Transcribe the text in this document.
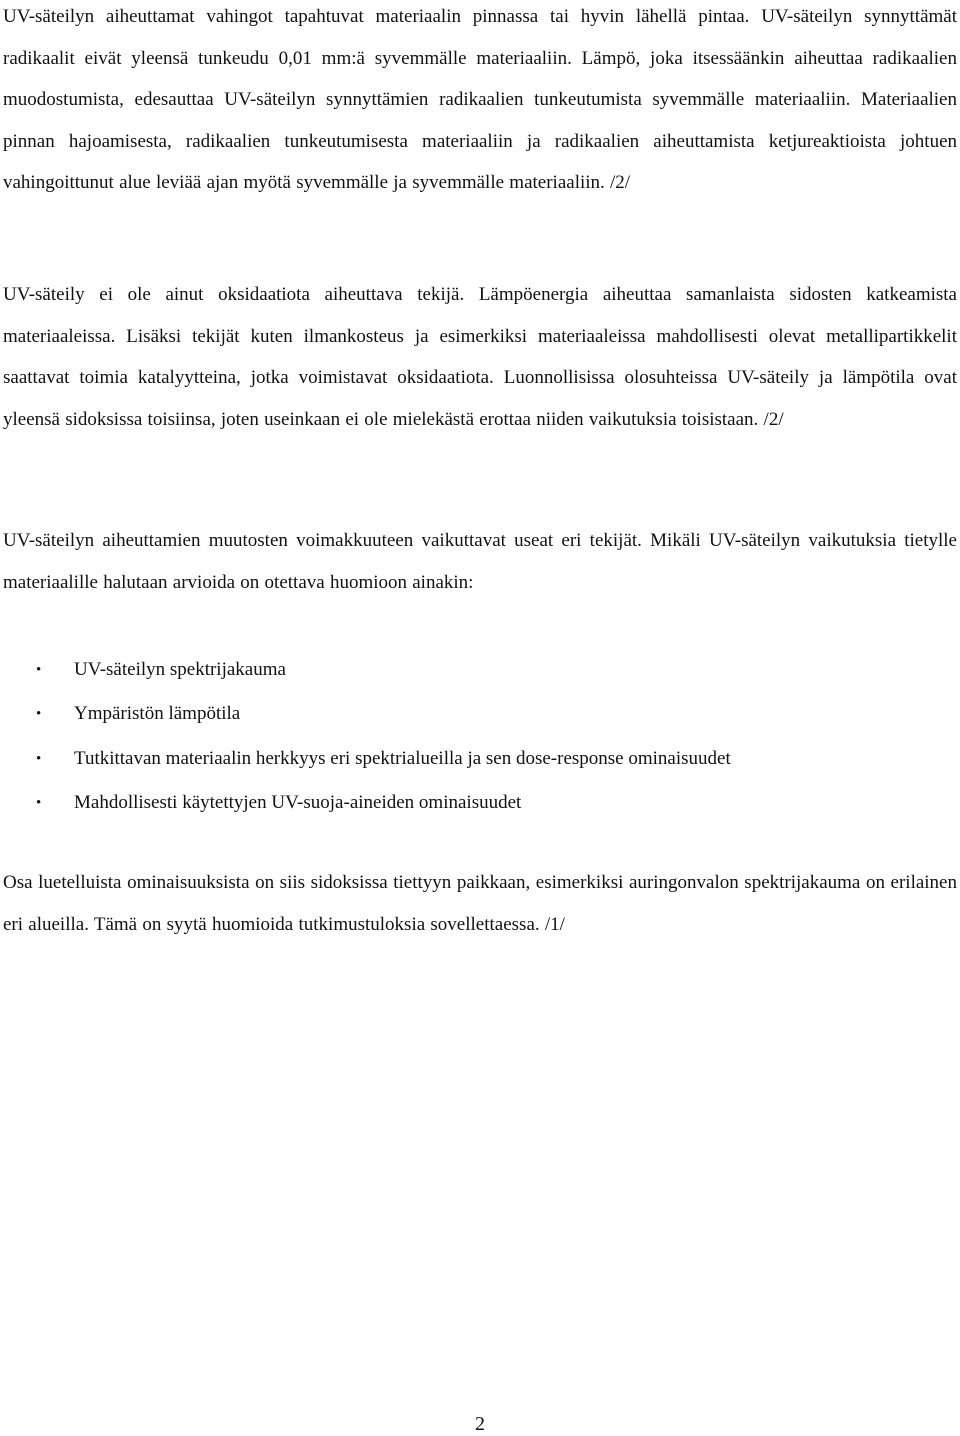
UV-säteilyn aiheuttamat vahingot tapahtuvat materiaalin pinnassa tai hyvin lähellä pintaa. UV-säteilyn synnyttämät radikaalit eivät yleensä tunkeudu 0,01 mm:ä syvemmälle materiaaliin. Lämpö, joka itsessäänkin aiheuttaa radikaalien muodostumista, edesauttaa UV-säteilyn synnyttämien radikaalien tunkeutumista syvemmälle materiaaliin. Materiaalien pinnan hajoamisesta, radikaalien tunkeutumisesta materiaaliin ja radikaalien aiheuttamista ketjureaktioista johtuen vahingoittunut alue leviää ajan myötä syvemmälle ja syvemmälle materiaaliin. /2/

UV-säteily ei ole ainut oksidaatiota aiheuttava tekijä. Lämpöenergia aiheuttaa samanlaista sidosten katkeamista materiaaleissa. Lisäksi tekijät kuten ilmankosteus ja esimerkiksi materiaaleissa mahdollisesti olevat metallipartikkelit saattavat toimia katalyytteina, jotka voimistavat oksidaatiota. Luonnollisissa olosuhteissa UV-säteily ja lämpötila ovat yleensä sidoksissa toisiinsa, joten useinkaan ei ole mielekästä erottaa niiden vaikutuksia toisistaan. /2/

UV-säteilyn aiheuttamien muutosten voimakkuuteen vaikuttavat useat eri tekijät. Mikäli UV-säteilyn vaikutuksia tietylle materiaalille halutaan arvioida on otettava huomioon ainakin:

• UV-säteilyn spektrijakauma
• Ympäristön lämpötila
• Tutkittavan materiaalin herkkyys eri spektrialueilla ja sen dose-response ominaisuudet
• Mahdollisesti käytettyjen UV-suoja-aineiden ominaisuudet

Osa luetelluista ominaisuuksista on siis sidoksissa tiettyyn paikkaan, esimerkiksi auringonvalon spektrijakauma on erilainen eri alueilla. Tämä on syytä huomioida tutkimustuloksia sovellettaessa. /1/

2
